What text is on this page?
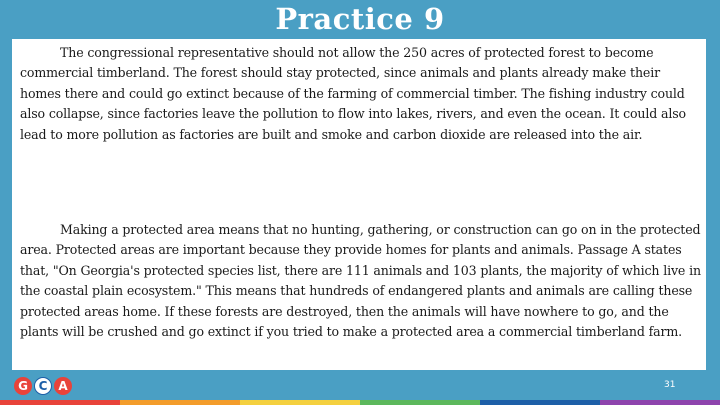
Practice 9

The congressional representative should not allow the 250 acres of protected forest to become commercial timberland. The forest should stay protected, since animals and plants already make their homes there and could go extinct because of the farming of commercial timber. The fishing industry could also collapse, since factories leave the pollution to flow into lakes, rivers, and even the ocean. It could also lead to more pollution as factories are built and smoke and carbon dioxide are released into the air.

Making a protected area means that no hunting, gathering, or construction can go on in the protected area. Protected areas are important because they provide homes for plants and animals. Passage A states that, "On Georgia's protected species list, there are 111 animals and 103 plants, the majority of which live in the coastal plain ecosystem." This means that hundreds of endangered plants and animals are calling these protected areas home. If these forests are destroyed, then the animals will have nowhere to go, and the plants will be crushed and go extinct if you tried to make a protected area a commercial timberland farm.

G C A	31
